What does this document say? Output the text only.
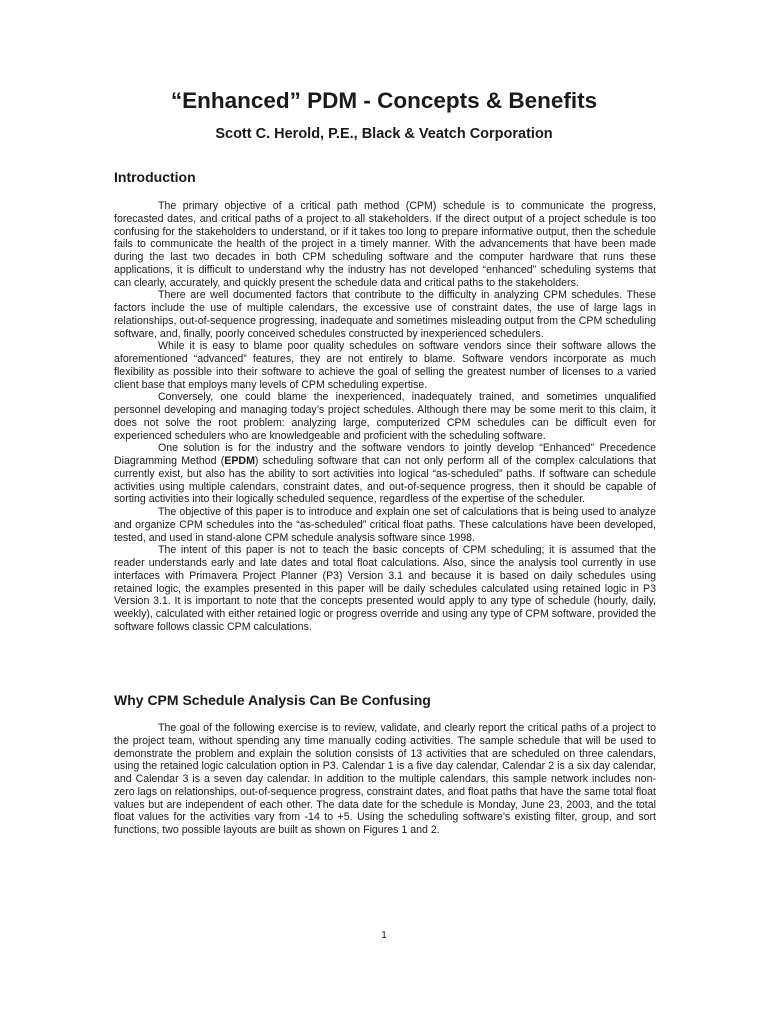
“Enhanced” PDM - Concepts & Benefits

Scott C. Herold, P.E., Black & Veatch Corporation

Introduction

The primary objective of a critical path method (CPM) schedule is to communicate the progress, forecasted dates, and critical paths of a project to all stakeholders. If the direct output of a project schedule is too confusing for the stakeholders to understand, or if it takes too long to prepare informative output, then the schedule fails to communicate the health of the project in a timely manner. With the advancements that have been made during the last two decades in both CPM scheduling software and the computer hardware that runs these applications, it is difficult to understand why the industry has not developed “enhanced” scheduling systems that can clearly, accurately, and quickly present the schedule data and critical paths to the stakeholders.

There are well documented factors that contribute to the difficulty in analyzing CPM schedules. These factors include the use of multiple calendars, the excessive use of constraint dates, the use of large lags in relationships, out-of-sequence progressing, inadequate and sometimes misleading output from the CPM scheduling software, and, finally, poorly conceived schedules constructed by inexperienced schedulers.

While it is easy to blame poor quality schedules on software vendors since their software allows the aforementioned “advanced” features, they are not entirely to blame. Software vendors incorporate as much flexibility as possible into their software to achieve the goal of selling the greatest number of licenses to a varied client base that employs many levels of CPM scheduling expertise.

Conversely, one could blame the inexperienced, inadequately trained, and sometimes unqualified personnel developing and managing today’s project schedules. Although there may be some merit to this claim, it does not solve the root problem: analyzing large, computerized CPM schedules can be difficult even for experienced schedulers who are knowledgeable and proficient with the scheduling software.

One solution is for the industry and the software vendors to jointly develop “Enhanced” Precedence Diagramming Method (EPDM) scheduling software that can not only perform all of the complex calculations that currently exist, but also has the ability to sort activities into logical “as-scheduled” paths. If software can schedule activities using multiple calendars, constraint dates, and out-of-sequence progress, then it should be capable of sorting activities into their logically scheduled sequence, regardless of the expertise of the scheduler.

The objective of this paper is to introduce and explain one set of calculations that is being used to analyze and organize CPM schedules into the “as-scheduled” critical float paths. These calculations have been developed, tested, and used in stand-alone CPM schedule analysis software since 1998.

The intent of this paper is not to teach the basic concepts of CPM scheduling; it is assumed that the reader understands early and late dates and total float calculations. Also, since the analysis tool currently in use interfaces with Primavera Project Planner (P3) Version 3.1 and because it is based on daily schedules using retained logic, the examples presented in this paper will be daily schedules calculated using retained logic in P3 Version 3.1. It is important to note that the concepts presented would apply to any type of schedule (hourly, daily, weekly), calculated with either retained logic or progress override and using any type of CPM software, provided the software follows classic CPM calculations.

Why CPM Schedule Analysis Can Be Confusing

The goal of the following exercise is to review, validate, and clearly report the critical paths of a project to the project team, without spending any time manually coding activities. The sample schedule that will be used to demonstrate the problem and explain the solution consists of 13 activities that are scheduled on three calendars, using the retained logic calculation option in P3. Calendar 1 is a five day calendar, Calendar 2 is a six day calendar, and Calendar 3 is a seven day calendar. In addition to the multiple calendars, this sample network includes non-zero lags on relationships, out-of-sequence progress, constraint dates, and float paths that have the same total float values but are independent of each other. The data date for the schedule is Monday, June 23, 2003, and the total float values for the activities vary from -14 to +5. Using the scheduling software’s existing filter, group, and sort functions, two possible layouts are built as shown on Figures 1 and 2.

1
